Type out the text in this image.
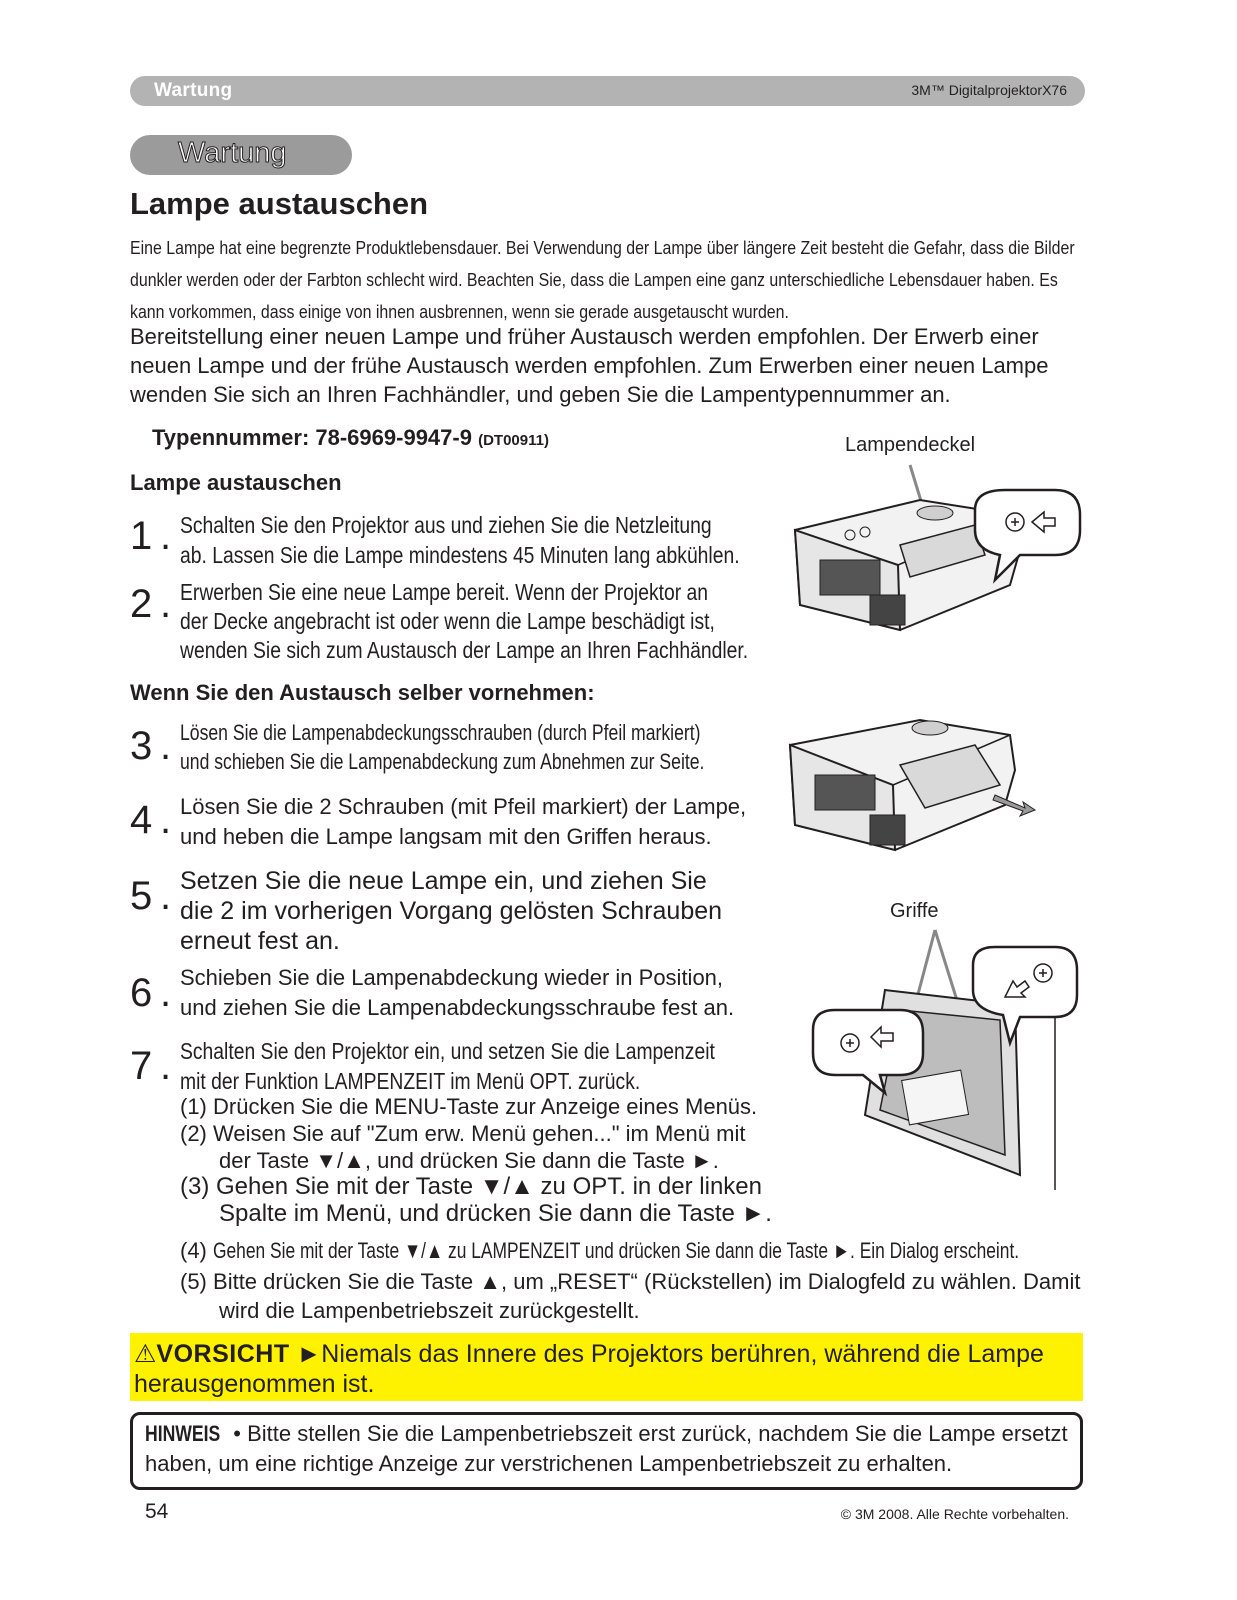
Wartung	3M™ DigitalprojektorX76
Wartung
Lampe austauschen
Eine Lampe hat eine begrenzte Produktlebensdauer. Bei Verwendung der Lampe über längere Zeit besteht die Gefahr, dass die Bilder dunkler werden oder der Farbton schlecht wird. Beachten Sie, dass die Lampen eine ganz unterschiedliche Lebensdauer haben. Es kann vorkommen, dass einige von ihnen ausbrennen, wenn sie gerade ausgetauscht wurden.
Bereitstellung einer neuen Lampe und früher Austausch werden empfohlen. Der Erwerb einer neuen Lampe und der frühe Austausch werden empfohlen. Zum Erwerben einer neuen Lampe wenden Sie sich an Ihren Fachhändler, und geben Sie die Lampentypennummer an.
Typennummer: 78-6969-9947-9 (DT00911)
Lampe austauschen
1 . Schalten Sie den Projektor aus und ziehen Sie die Netzleitung
ab. Lassen Sie die Lampe mindestens 45 Minuten lang abkühlen.
2 . Erwerben Sie eine neue Lampe bereit. Wenn der Projektor an
der Decke angebracht ist oder wenn die Lampe beschädigt ist,
wenden Sie sich zum Austausch der Lampe an Ihren Fachhändler.
Wenn Sie den Austausch selber vornehmen:
3 . Lösen Sie die Lampenabdeckungsschrauben (durch Pfeil markiert)
und schieben Sie die Lampenabdeckung zum Abnehmen zur Seite.
4 . Lösen Sie die 2 Schrauben (mit Pfeil markiert) der Lampe,
und heben die Lampe langsam mit den Griffen heraus.
5 . Setzen Sie die neue Lampe ein, und ziehen Sie
die 2 im vorherigen Vorgang gelösten Schrauben
erneut fest an.
6 . Schieben Sie die Lampenabdeckung wieder in Position,
und ziehen Sie die Lampenabdeckungsschraube fest an.
7 . Schalten Sie den Projektor ein, und setzen Sie die Lampenzeit
mit der Funktion LAMPENZEIT im Menü OPT. zurück.
(1) Drücken Sie die MENU-Taste zur Anzeige eines Menüs.
(2) Weisen Sie auf "Zum erw. Menü gehen..." im Menü mit
der Taste ▼/▲, und drücken Sie dann die Taste ►.
(3) Gehen Sie mit der Taste ▼/▲ zu OPT. in der linken
Spalte im Menü, und drücken Sie dann die Taste ►.
(4) Gehen Sie mit der Taste ▼/▲ zu LAMPENZEIT und drücken Sie dann die Taste ►. Ein Dialog erscheint.
(5) Bitte drücken Sie die Taste ▲, um „RESET“ (Rückstellen) im Dialogfeld zu wählen. Damit
wird die Lampenbetriebszeit zurückgestellt.
Lampendeckel
Griffe
⚠VORSICHT ►Niemals das Innere des Projektors berühren, während die Lampe herausgenommen ist.
HINWEIS • Bitte stellen Sie die Lampenbetriebszeit erst zurück, nachdem Sie die Lampe ersetzt haben, um eine richtige Anzeige zur verstrichenen Lampenbetriebszeit zu erhalten.
54	© 3M 2008. Alle Rechte vorbehalten.
